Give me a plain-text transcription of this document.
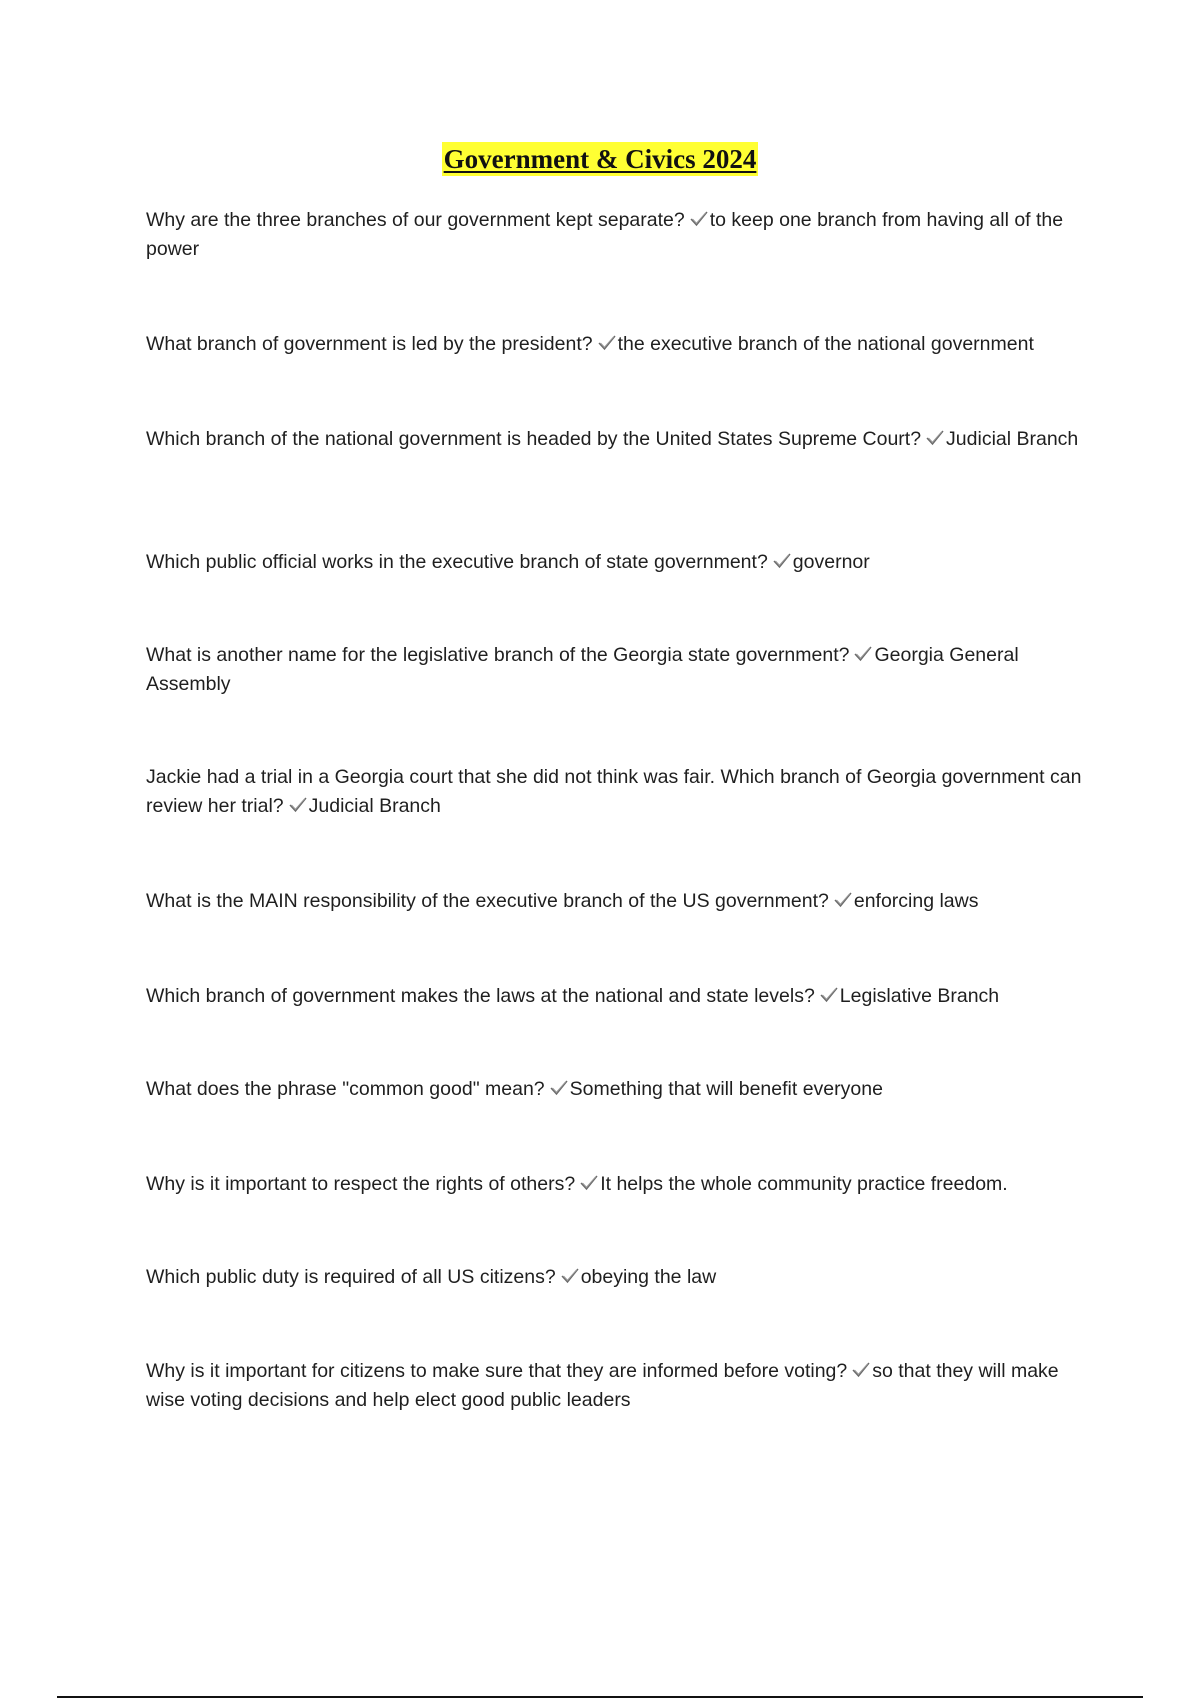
Government & Civics 2024
Why are the three branches of our government kept separate? to keep one branch from having all of the power
What branch of government is led by the president? the executive branch of the national government
Which branch of the national government is headed by the United States Supreme Court? Judicial Branch
Which public official works in the executive branch of state government? governor
What is another name for the legislative branch of the Georgia state government? Georgia General Assembly
Jackie had a trial in a Georgia court that she did not think was fair. Which branch of Georgia government can review her trial? Judicial Branch
What is the MAIN responsibility of the executive branch of the US government? enforcing laws
Which branch of government makes the laws at the national and state levels? Legislative Branch
What does the phrase "common good" mean? Something that will benefit everyone
Why is it important to respect the rights of others? It helps the whole community practice freedom.
Which public duty is required of all US citizens? obeying the law
Why is it important for citizens to make sure that they are informed before voting? so that they will make wise voting decisions and help elect good public leaders
